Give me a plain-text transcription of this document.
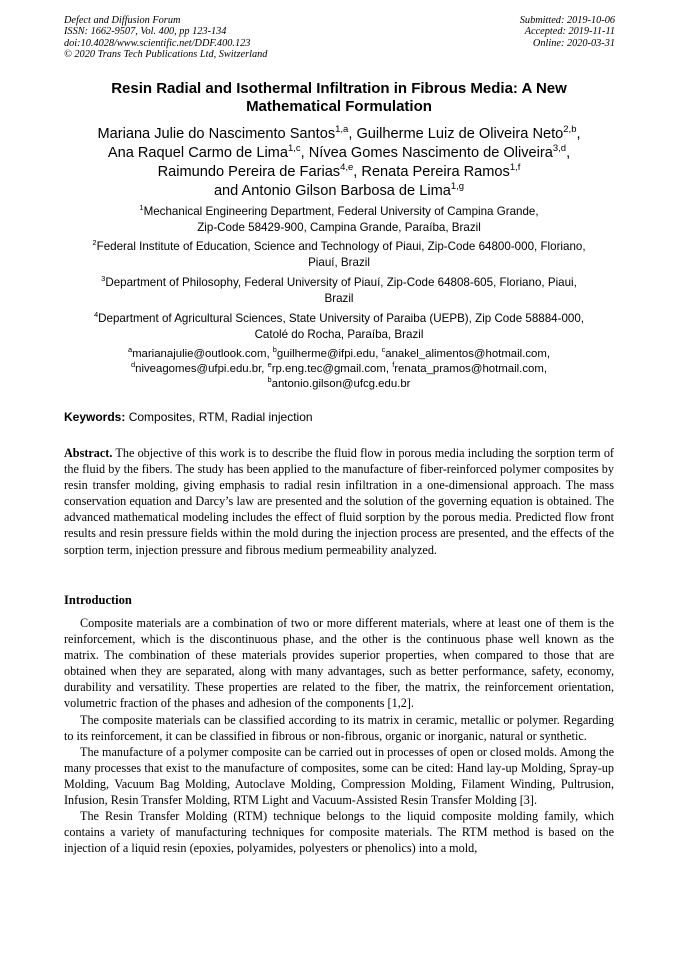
Defect and Diffusion Forum
ISSN: 1662-9507, Vol. 400, pp 123-134
doi:10.4028/www.scientific.net/DDF.400.123
© 2020 Trans Tech Publications Ltd, Switzerland
Submitted: 2019-10-06
Accepted: 2019-11-11
Online: 2020-03-31
Resin Radial and Isothermal Infiltration in Fibrous Media: A New
Mathematical Formulation
Mariana Julie do Nascimento Santos$^{1,a}$, Guilherme Luiz de Oliveira Neto$^{2,b}$,
Ana Raquel Carmo de Lima$^{1,c}$, Nívea Gomes Nascimento de Oliveira$^{3,d}$,
Raimundo Pereira de Farias$^{4,e}$, Renata Pereira Ramos$^{1,f}$
and Antonio Gilson Barbosa de Lima$^{1,g}$
$^1$Mechanical Engineering Department, Federal University of Campina Grande,
Zip-Code 58429-900, Campina Grande, Paraíba, Brazil
$^2$Federal Institute of Education, Science and Technology of Piaui, Zip-Code 64800-000, Floriano,
Piauí, Brazil
$^3$Department of Philosophy, Federal University of Piauí, Zip-Code 64808-605, Floriano, Piaui,
Brazil
$^4$Department of Agricultural Sciences, State University of Paraiba (UEPB), Zip Code 58884-000,
Catolé do Rocha, Paraíba, Brazil
$^a$marianajulie@outlook.com, $^b$guilherme@ifpi.edu, $^c$anakel_alimentos@hotmail.com,
$^d$niveagomes@ufpi.edu.br, $^e$rp.eng.tec@gmail.com, $^f$renata_pramos@hotmail.com,
$^b$antonio.gilson@ufcg.edu.br
Keywords: Composites, RTM, Radial injection
Abstract. The objective of this work is to describe the fluid flow in porous media including the sorption term of the fluid by the fibers. The study has been applied to the manufacture of fiber-reinforced polymer composites by resin transfer molding, giving emphasis to radial resin infiltration in a one-dimensional approach. The mass conservation equation and Darcy’s law are presented and the solution of the governing equation is obtained. The advanced mathematical modeling includes the effect of fluid sorption by the porous media. Predicted flow front results and resin pressure fields within the mold during the injection process are presented, and the effects of the sorption term, injection pressure and fibrous medium permeability analyzed.
Introduction

Composite materials are a combination of two or more different materials, where at least one of them is the reinforcement, which is the discontinuous phase, and the other is the continuous phase well known as the matrix. The combination of these materials provides superior properties, when compared to those that are obtained when they are separated, along with many advantages, such as better performance, safety, economy, durability and versatility. These properties are related to the fiber, the matrix, the reinforcement orientation, volumetric fraction of the phases and adhesion of the components [1,2].

The composite materials can be classified according to its matrix in ceramic, metallic or polymer. Regarding to its reinforcement, it can be classified in fibrous or non-fibrous, organic or inorganic, natural or synthetic.

The manufacture of a polymer composite can be carried out in processes of open or closed molds. Among the many processes that exist to the manufacture of composites, some can be cited: Hand lay-up Molding, Spray-up Molding, Vacuum Bag Molding, Autoclave Molding, Compression Molding, Filament Winding, Pultrusion, Infusion, Resin Transfer Molding, RTM Light and Vacuum-Assisted Resin Transfer Molding [3].

The Resin Transfer Molding (RTM) technique belongs to the liquid composite molding family, which contains a variety of manufacturing techniques for composite materials. The RTM method is based on the injection of a liquid resin (epoxies, polyamides, polyesters or phenolics) into a mold,
